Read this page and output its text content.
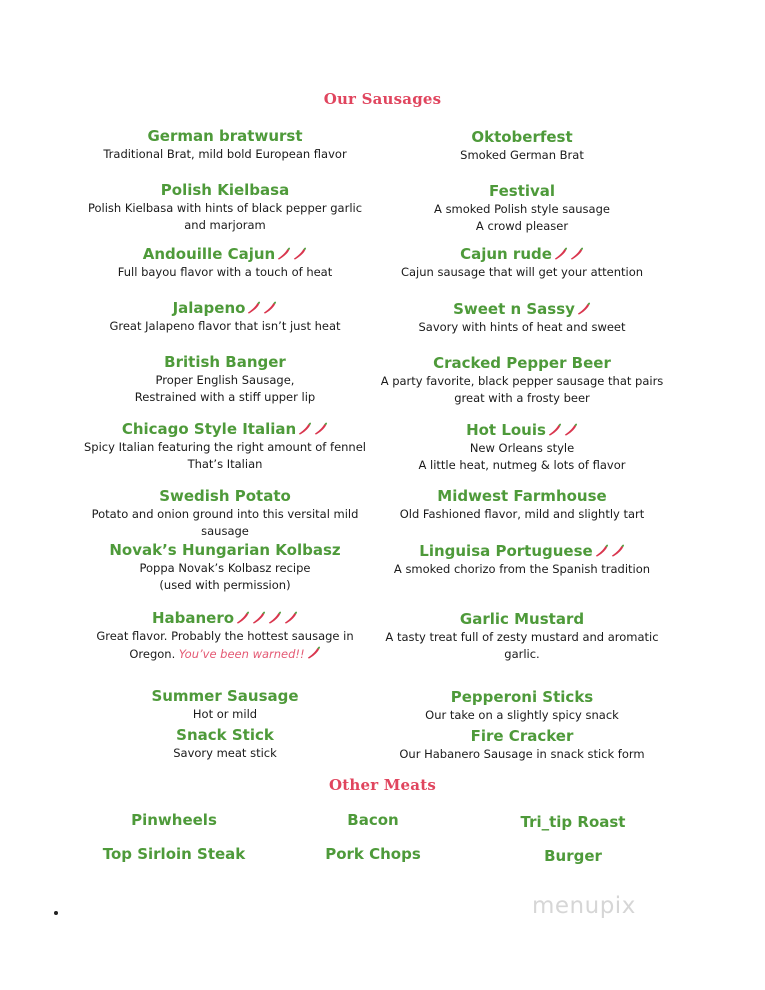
Our Sausages
German bratwurst
Traditional Brat, mild bold European flavor
Polish Kielbasa
Polish Kielbasa with hints of black pepper garlic
and marjoram
Andouille Cajun
Full bayou flavor with a touch of heat
Jalapeno
Great Jalapeno flavor that isn’t just heat
British Banger
Proper English Sausage,
Restrained with a stiff upper lip
Chicago Style Italian
Spicy Italian featuring the right amount of fennel
That’s Italian
Swedish Potato
Potato and onion ground into this versital mild
sausage
Novak’s Hungarian Kolbasz
Poppa Novak’s Kolbasz recipe
(used with permission)
Habanero
Great flavor. Probably the hottest sausage in
Oregon. You’ve been warned!!
Summer Sausage
Hot or mild
Snack Stick
Savory meat stick
Oktoberfest
Smoked German Brat
Festival
A smoked Polish style sausage
A crowd pleaser
Cajun rude
Cajun sausage that will get your attention
Sweet n Sassy
Savory with hints of heat and sweet
Cracked Pepper Beer
A party favorite, black pepper sausage that pairs
great with a frosty beer
Hot Louis
New Orleans style
A little heat, nutmeg & lots of flavor
Midwest Farmhouse
Old Fashioned flavor, mild and slightly tart
Linguisa Portuguese
A smoked chorizo from the Spanish tradition
Garlic Mustard
A tasty treat full of zesty mustard and aromatic
garlic.
Pepperoni Sticks
Our take on a slightly spicy snack
Fire Cracker
Our Habanero Sausage in snack stick form
Other Meats
Pinwheels	Bacon	Tri_tip Roast
Top Sirloin Steak	Pork Chops	Burger
menupix
